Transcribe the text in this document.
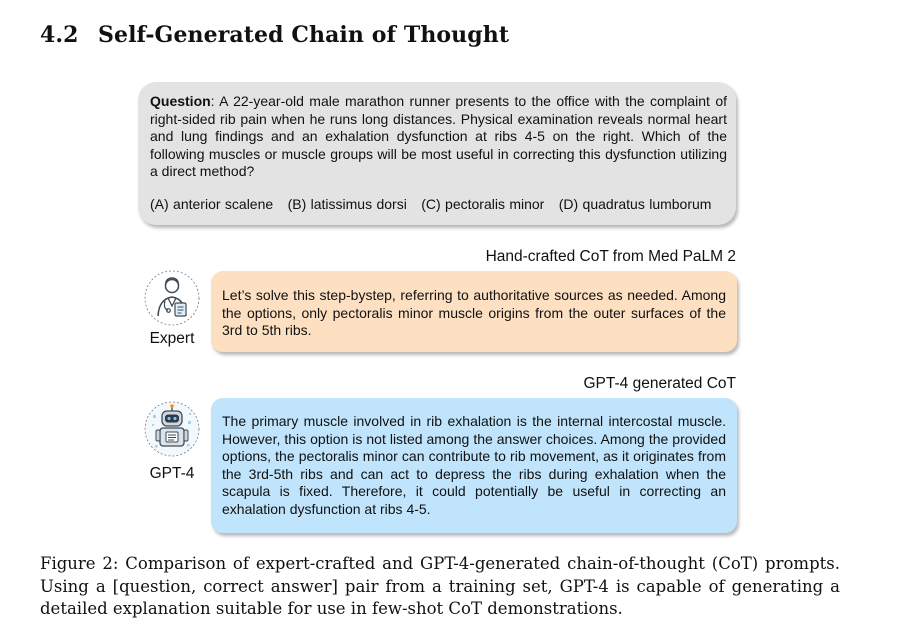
4.2 Self-Generated Chain of Thought
Question: A 22-year-old male marathon runner presents to the office with the complaint of right-sided rib pain when he runs long distances. Physical examination reveals normal heart and lung findings and an exhalation dysfunction at ribs 4-5 on the right. Which of the following muscles or muscle groups will be most useful in correcting this dysfunction utilizing a direct method?
(A) anterior scalene (B) latissimus dorsi (C) pectoralis minor (D) quadratus lumborum
Hand-crafted CoT from Med PaLM 2
Expert
Let’s solve this step-bystep, referring to authoritative sources as needed. Among the options, only pectoralis minor muscle origins from the outer surfaces of the 3rd to 5th ribs.
GPT-4 generated CoT
GPT-4
The primary muscle involved in rib exhalation is the internal intercostal muscle. However, this option is not listed among the answer choices. Among the provided options, the pectoralis minor can contribute to rib movement, as it originates from the 3rd-5th ribs and can act to depress the ribs during exhalation when the scapula is fixed. Therefore, it could potentially be useful in correcting an exhalation dysfunction at ribs 4-5.
Figure 2: Comparison of expert-crafted and GPT-4-generated chain-of-thought (CoT) prompts. Using a [question, correct answer] pair from a training set, GPT-4 is capable of generating a detailed explanation suitable for use in few-shot CoT demonstrations.
